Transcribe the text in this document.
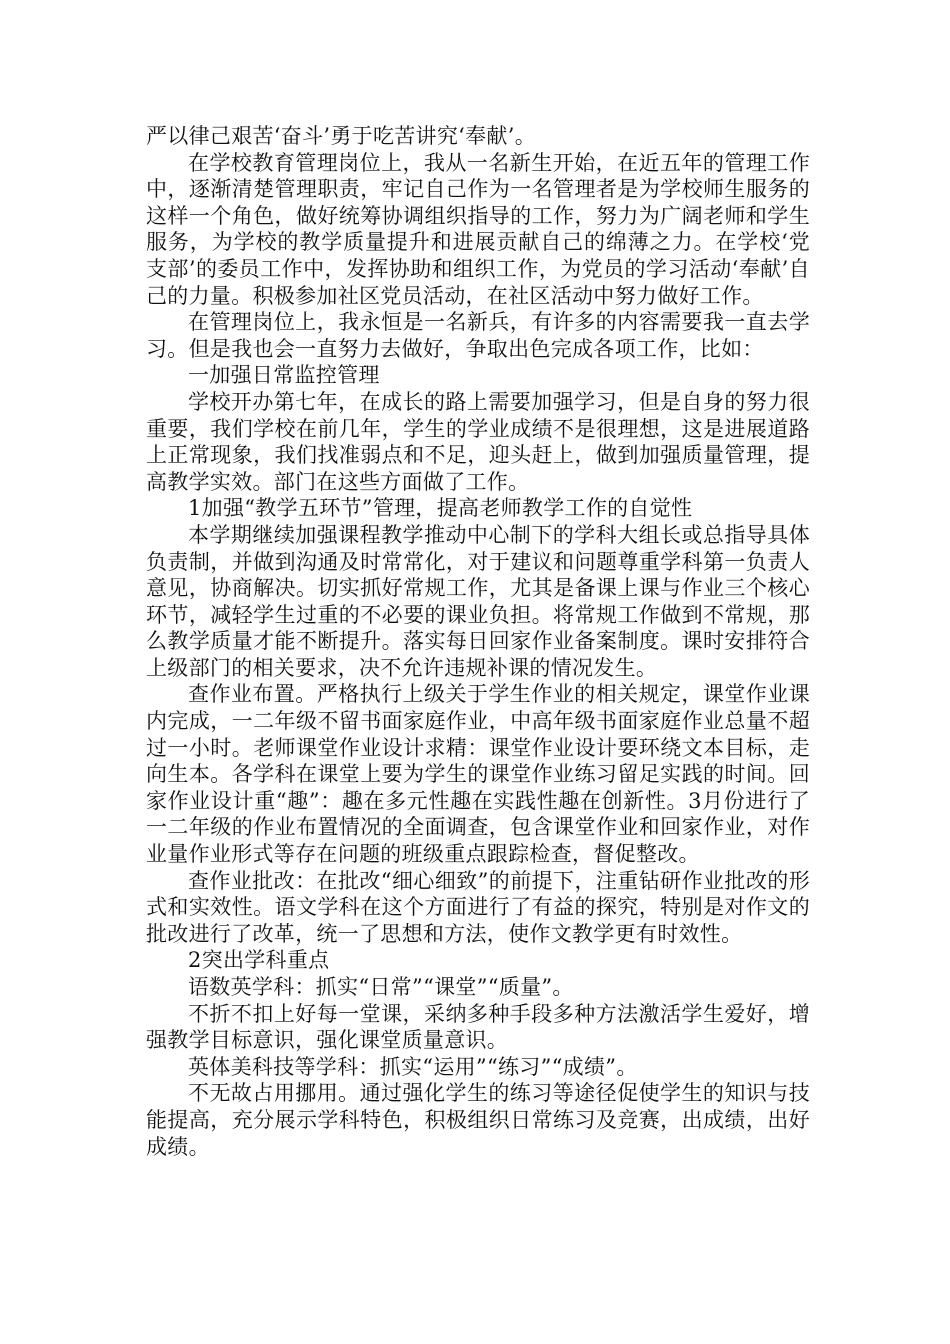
严以律己艰苦‘奋斗’勇于吃苦讲究‘奉献’。

在学校教育管理岗位上，我从一名新生开始，在近五年的管理工作中，逐渐清楚管理职责，牢记自己作为一名管理者是为学校师生服务的这样一个角色，做好统筹协调组织指导的工作，努力为广阔老师和学生服务，为学校的教学质量提升和进展贡献自己的绵薄之力。在学校‘党支部’的委员工作中，发挥协助和组织工作，为党员的学习活动‘奉献’自己的力量。积极参加社区党员活动，在社区活动中努力做好工作。

在管理岗位上，我永恒是一名新兵，有许多的内容需要我一直去学习。但是我也会一直努力去做好，争取出色完成各项工作，比如：

一加强日常监控管理

学校开办第七年，在成长的路上需要加强学习，但是自身的努力很重要，我们学校在前几年，学生的学业成绩不是很理想，这是进展道路上正常现象，我们找准弱点和不足，迎头赶上，做到加强质量管理，提高教学实效。部门在这些方面做了工作。

1加强“教学五环节”管理，提高老师教学工作的自觉性

本学期继续加强课程教学推动中心制下的学科大组长或总指导具体负责制，并做到沟通及时常常化，对于建议和问题尊重学科第一负责人意见，协商解决。切实抓好常规工作，尤其是备课上课与作业三个核心环节，减轻学生过重的不必要的课业负担。将常规工作做到不常规，那么教学质量才能不断提升。落实每日回家作业备案制度。课时安排符合上级部门的相关要求，决不允许违规补课的情况发生。

查作业布置。严格执行上级关于学生作业的相关规定，课堂作业课内完成，一二年级不留书面家庭作业，中高年级书面家庭作业总量不超过一小时。老师课堂作业设计求精：课堂作业设计要环绕文本目标，走向生本。各学科在课堂上要为学生的课堂作业练习留足实践的时间。回家作业设计重“趣”：趣在多元性趣在实践性趣在创新性。3月份进行了一二年级的作业布置情况的全面调查，包含课堂作业和回家作业，对作业量作业形式等存在问题的班级重点跟踪检查，督促整改。

查作业批改：在批改“细心细致”的前提下，注重钻研作业批改的形式和实效性。语文学科在这个方面进行了有益的探究，特别是对作文的批改进行了改革，统一了思想和方法，使作文教学更有时效性。

2突出学科重点

语数英学科：抓实“日常”“课堂”“质量”。

不折不扣上好每一堂课，采纳多种手段多种方法激活学生爱好，增强教学目标意识，强化课堂质量意识。

英体美科技等学科：抓实“运用”“练习”“成绩”。

不无故占用挪用。通过强化学生的练习等途径促使学生的知识与技能提高，充分展示学科特色，积极组织日常练习及竞赛，出成绩，出好成绩。
